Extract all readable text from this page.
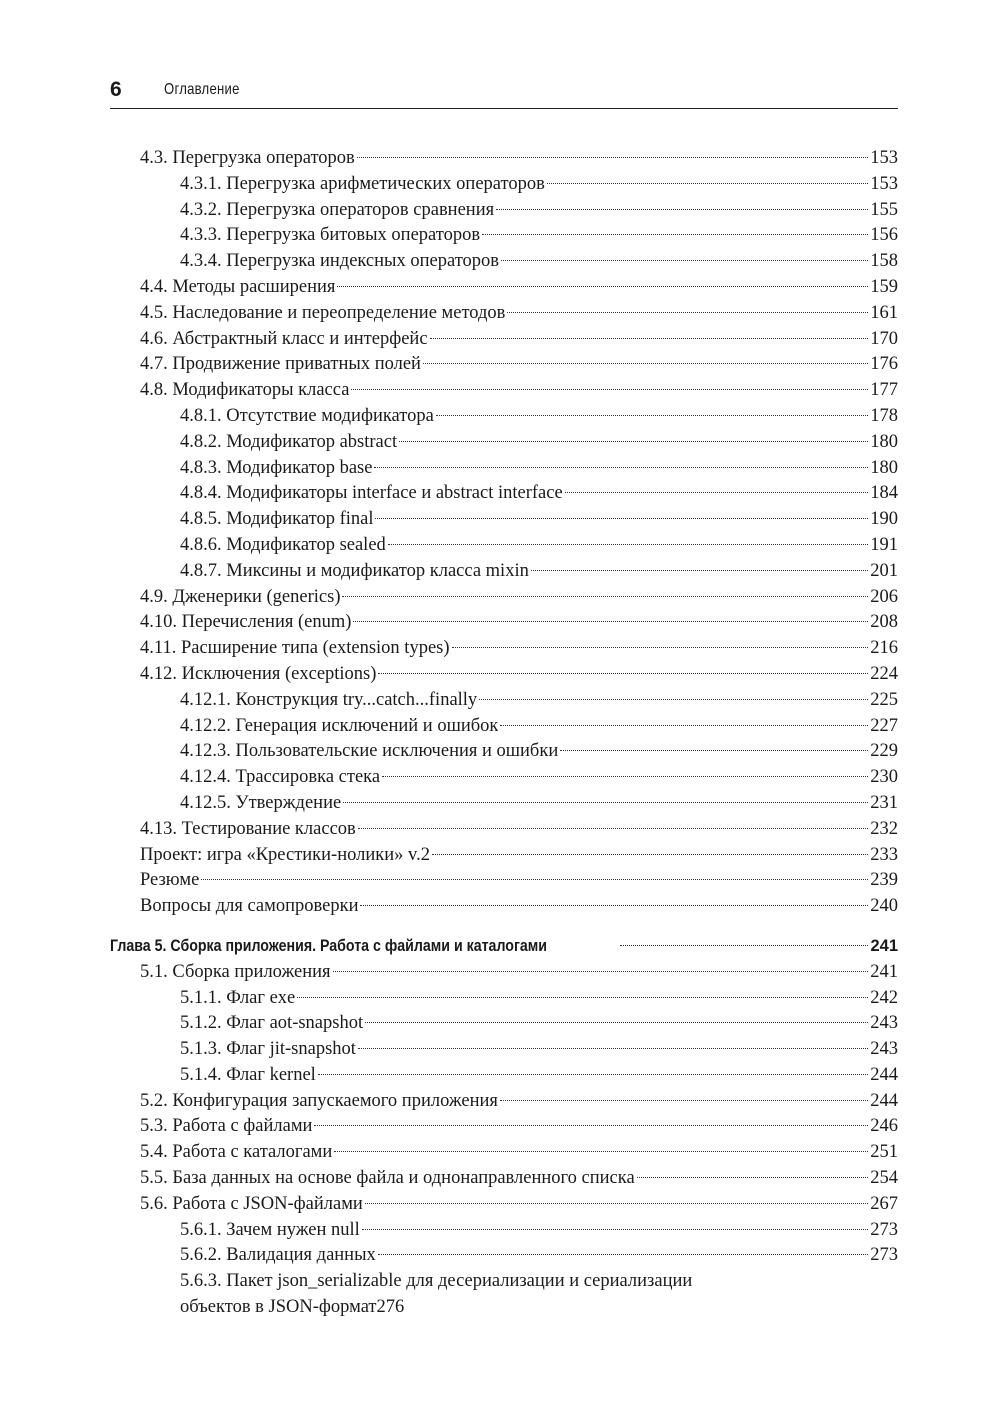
6	Оглавление
4.3. Перегрузка операторов	153
4.3.1. Перегрузка арифметических операторов	153
4.3.2. Перегрузка операторов сравнения	155
4.3.3. Перегрузка битовых операторов	156
4.3.4. Перегрузка индексных операторов	158
4.4. Методы расширения	159
4.5. Наследование и переопределение методов	161
4.6. Абстрактный класс и интерфейс	170
4.7. Продвижение приватных полей	176
4.8. Модификаторы класса	177
4.8.1. Отсутствие модификатора	178
4.8.2. Модификатор abstract	180
4.8.3. Модификатор base	180
4.8.4. Модификаторы interface и abstract interface	184
4.8.5. Модификатор final	190
4.8.6. Модификатор sealed	191
4.8.7. Миксины и модификатор класса mixin	201
4.9. Дженерики (generics)	206
4.10. Перечисления (enum)	208
4.11. Расширение типа (extension types)	216
4.12. Исключения (exceptions)	224
4.12.1. Конструкция try...catch...finally	225
4.12.2. Генерация исключений и ошибок	227
4.12.3. Пользовательские исключения и ошибки	229
4.12.4. Трассировка стека	230
4.12.5. Утверждение	231
4.13. Тестирование классов	232
Проект: игра «Крестики-нолики» v.2	233
Резюме	239
Вопросы для самопроверки	240
Глава 5. Сборка приложения. Работа с файлами и каталогами	241
5.1. Сборка приложения	241
5.1.1. Флаг exe	242
5.1.2. Флаг aot-snapshot	243
5.1.3. Флаг jit-snapshot	243
5.1.4. Флаг kernel	244
5.2. Конфигурация запускаемого приложения	244
5.3. Работа с файлами	246
5.4. Работа с каталогами	251
5.5. База данных на основе файла и однонаправленного списка	254
5.6. Работа с JSON-файлами	267
5.6.1. Зачем нужен null	273
5.6.2. Валидация данных	273
5.6.3. Пакет json_serializable для десериализации и сериализации
объектов в JSON-формат 276
